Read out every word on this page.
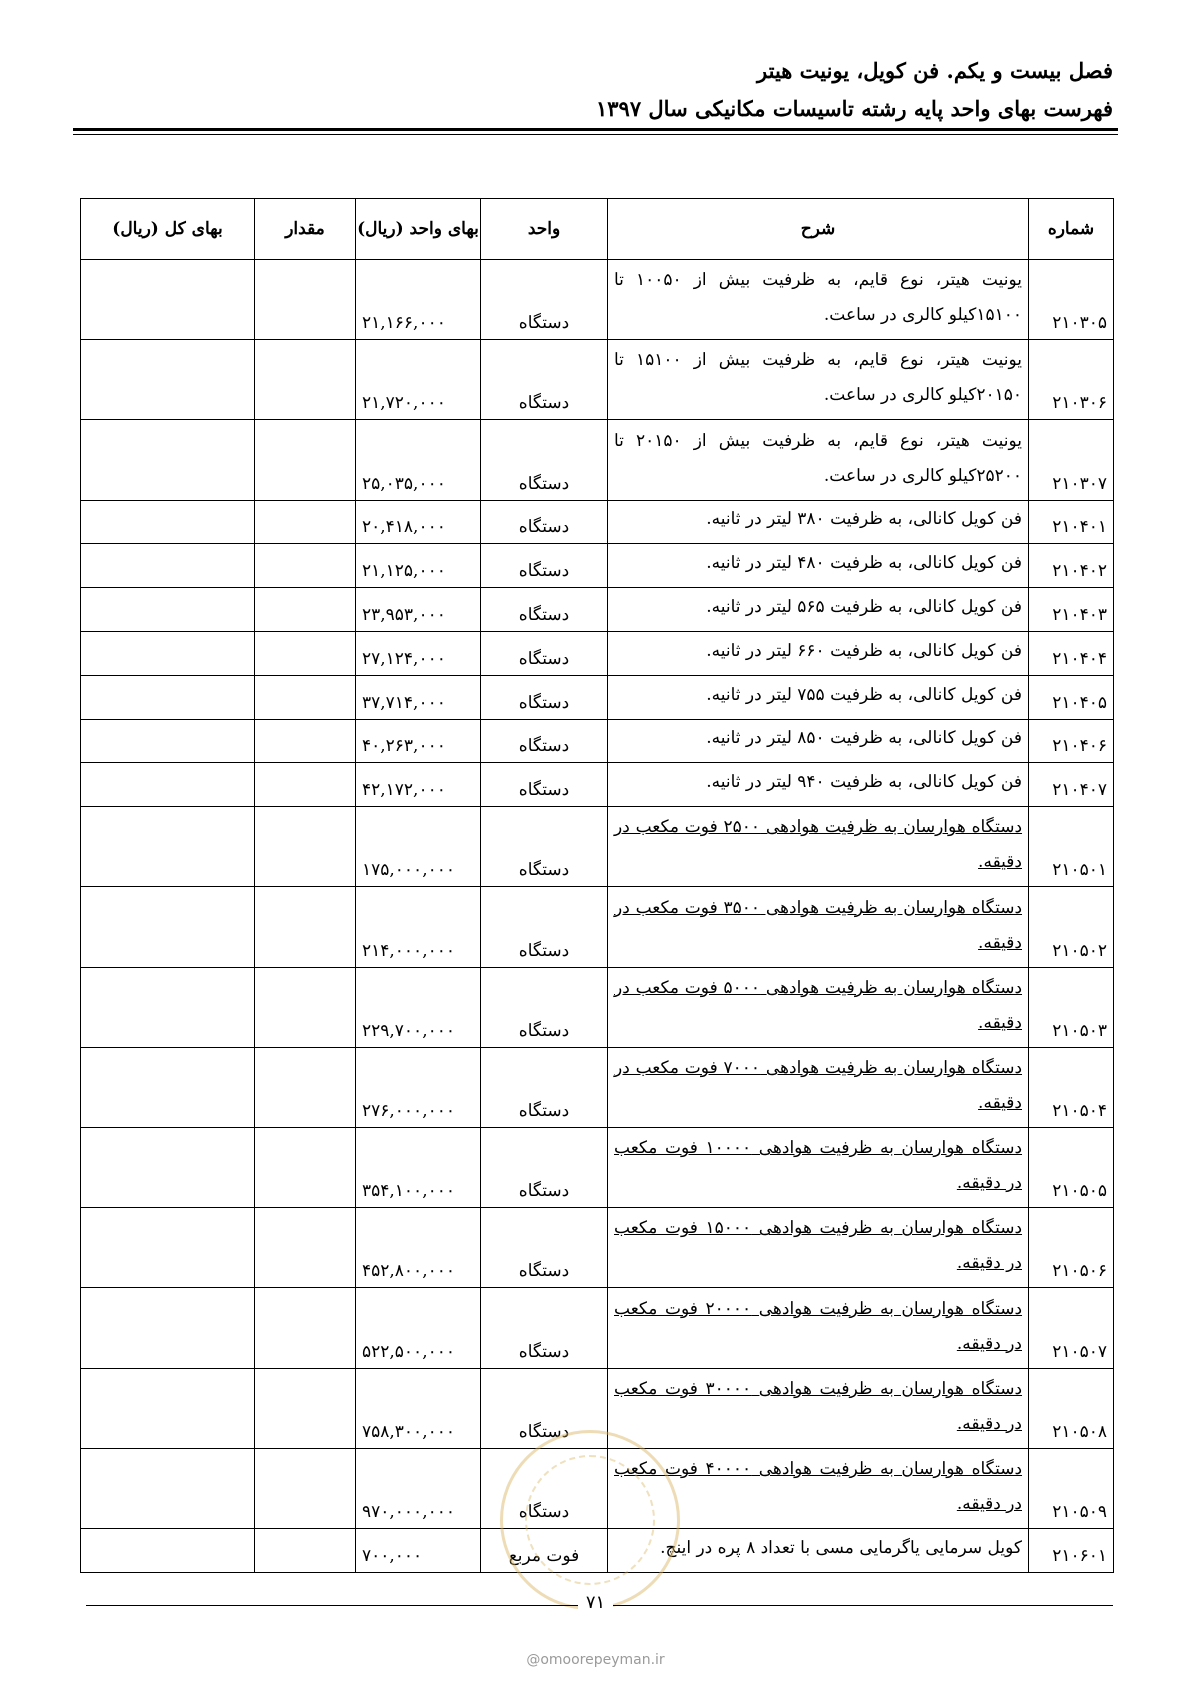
فصل بیست و یکم. فن کویل، یونیت هیتر
فهرست بهای واحد پایه رشته تاسیسات مکانیکی سال ۱۳۹۷
شماره	شرح	واحد	بهای واحد (ریال)	مقدار	بهای کل (ریال)
۲۱۰۳۰۵	یونیت هیتر، نوع قایم، به ظرفیت بیش از ۱۰۰۵۰ تا ۱۵۱۰۰کیلو کالری در ساعت.	دستگاه	۲۱,۱۶۶,۰۰۰		
۲۱۰۳۰۶	یونیت هیتر، نوع قایم، به ظرفیت بیش از ۱۵۱۰۰ تا ۲۰۱۵۰کیلو کالری در ساعت.	دستگاه	۲۱,۷۲۰,۰۰۰		
۲۱۰۳۰۷	یونیت هیتر، نوع قایم، به ظرفیت بیش از ۲۰۱۵۰ تا ۲۵۲۰۰کیلو کالری در ساعت.	دستگاه	۲۵,۰۳۵,۰۰۰		
۲۱۰۴۰۱	فن کویل کانالی، به ظرفیت ۳۸۰ لیتر در ثانیه.	دستگاه	۲۰,۴۱۸,۰۰۰		
۲۱۰۴۰۲	فن کویل کانالی، به ظرفیت ۴۸۰ لیتر در ثانیه.	دستگاه	۲۱,۱۲۵,۰۰۰		
۲۱۰۴۰۳	فن کویل کانالی، به ظرفیت ۵۶۵ لیتر در ثانیه.	دستگاه	۲۳,۹۵۳,۰۰۰		
۲۱۰۴۰۴	فن کویل کانالی، به ظرفیت ۶۶۰ لیتر در ثانیه.	دستگاه	۲۷,۱۲۴,۰۰۰		
۲۱۰۴۰۵	فن کویل کانالی، به ظرفیت ۷۵۵ لیتر در ثانیه.	دستگاه	۳۷,۷۱۴,۰۰۰		
۲۱۰۴۰۶	فن کویل کانالی، به ظرفیت ۸۵۰ لیتر در ثانیه.	دستگاه	۴۰,۲۶۳,۰۰۰		
۲۱۰۴۰۷	فن کویل کانالی، به ظرفیت ۹۴۰ لیتر در ثانیه.	دستگاه	۴۲,۱۷۲,۰۰۰		
۲۱۰۵۰۱	دستگاه هوارسان به ظرفیت هوادهی ۲۵۰۰ فوت مکعب در دقیقه.	دستگاه	۱۷۵,۰۰۰,۰۰۰		
۲۱۰۵۰۲	دستگاه هوارسان به ظرفیت هوادهی ۳۵۰۰ فوت مکعب در دقیقه.	دستگاه	۲۱۴,۰۰۰,۰۰۰		
۲۱۰۵۰۳	دستگاه هوارسان به ظرفیت هوادهی ۵۰۰۰ فوت مکعب در دقیقه.	دستگاه	۲۲۹,۷۰۰,۰۰۰		
۲۱۰۵۰۴	دستگاه هوارسان به ظرفیت هوادهی ۷۰۰۰ فوت مکعب در دقیقه.	دستگاه	۲۷۶,۰۰۰,۰۰۰		
۲۱۰۵۰۵	دستگاه هوارسان به ظرفیت هوادهی ۱۰۰۰۰ فوت مکعب در دقیقه.	دستگاه	۳۵۴,۱۰۰,۰۰۰		
۲۱۰۵۰۶	دستگاه هوارسان به ظرفیت هوادهی ۱۵۰۰۰ فوت مکعب در دقیقه.	دستگاه	۴۵۲,۸۰۰,۰۰۰		
۲۱۰۵۰۷	دستگاه هوارسان به ظرفیت هوادهی ۲۰۰۰۰ فوت مکعب در دقیقه.	دستگاه	۵۲۲,۵۰۰,۰۰۰		
۲۱۰۵۰۸	دستگاه هوارسان به ظرفیت هوادهی ۳۰۰۰۰ فوت مکعب در دقیقه.	دستگاه	۷۵۸,۳۰۰,۰۰۰		
۲۱۰۵۰۹	دستگاه هوارسان به ظرفیت هوادهی ۴۰۰۰۰ فوت مکعب در دقیقه.	دستگاه	۹۷۰,۰۰۰,۰۰۰		
۲۱۰۶۰۱	کویل سرمایی یاگرمایی مسی با تعداد ۸ پره در اینچ.	فوت مربع	۷۰۰,۰۰۰		
۷۱
@omoorepeyman.ir
